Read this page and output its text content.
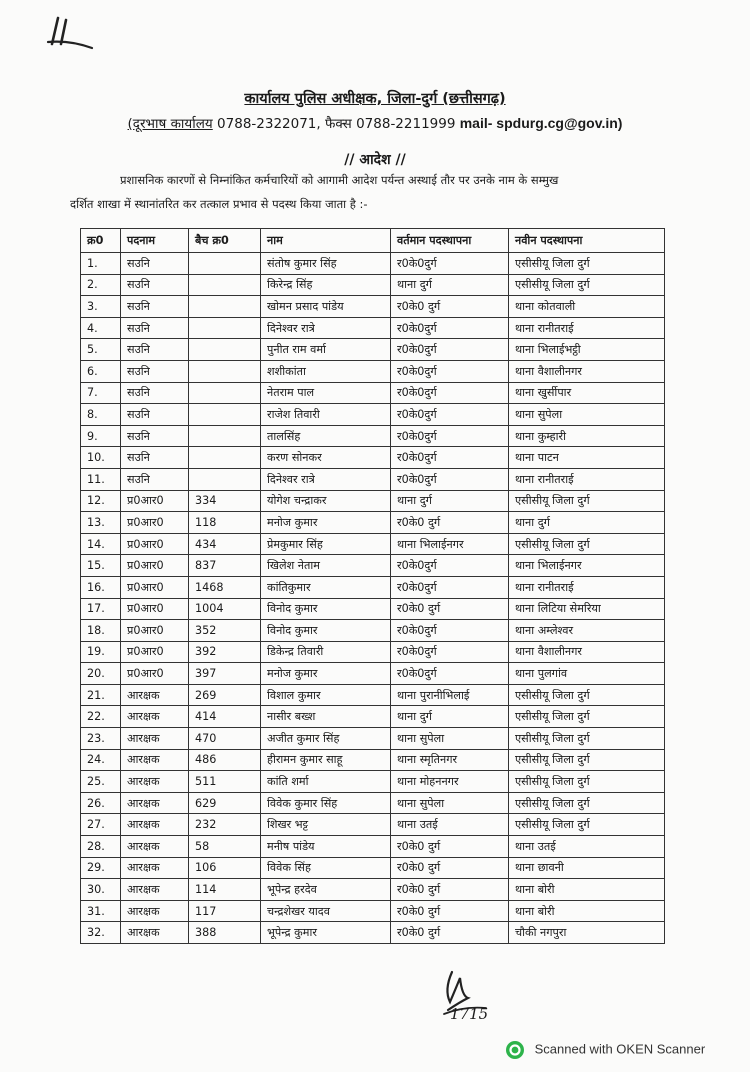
कार्यालय पुलिस अधीक्षक, जिला-दुर्ग (छत्तीसगढ़)
(दूरभाष कार्यालय 0788-2322071, फैक्स 0788-2211999 mail- spdurg.cg@gov.in)
// आदेश //
प्रशासनिक कारणों से निम्नांकित कर्मचारियों को आगामी आदेश पर्यन्त अस्थाई तौर पर उनके नाम के सम्मुख
दर्शित शाखा में स्थानांतरित कर तत्काल प्रभाव से पदस्थ किया जाता है :-
क्र0	पदनाम	बैच क्र0	नाम	वर्तमान पदस्थापना	नवीन पदस्थापना
1.	सउनि		संतोष कुमार सिंह	र0के0दुर्ग	एसीसीयू जिला दुर्ग
2.	सउनि		किरेन्द्र सिंह	थाना दुर्ग	एसीसीयू जिला दुर्ग
3.	सउनि		खोमन प्रसाद पांडेय	र0के0 दुर्ग	थाना कोतवाली
4.	सउनि		दिनेश्वर रात्रे	र0के0दुर्ग	थाना रानीतराई
5.	सउनि		पुनीत राम वर्मा	र0के0दुर्ग	थाना भिलाईभट्ठी
6.	सउनि		शशीकांता	र0के0दुर्ग	थाना वैशालीनगर
7.	सउनि		नेतराम पाल	र0के0दुर्ग	थाना खुर्सीपार
8.	सउनि		राजेश तिवारी	र0के0दुर्ग	थाना सुपेला
9.	सउनि		तालसिंह	र0के0दुर्ग	थाना कुम्हारी
10.	सउनि		करण सोनकर	र0के0दुर्ग	थाना पाटन
11.	सउनि		दिनेश्वर रात्रे	र0के0दुर्ग	थाना रानीतराई
12.	प्र0आर0	334	योगेश चन्द्राकर	थाना दुर्ग	एसीसीयू जिला दुर्ग
13.	प्र0आर0	118	मनोज कुमार	र0के0 दुर्ग	थाना दुर्ग
14.	प्र0आर0	434	प्रेमकुमार सिंह	थाना भिलाईनगर	एसीसीयू जिला दुर्ग
15.	प्र0आर0	837	खिलेश नेताम	र0के0दुर्ग	थाना भिलाईनगर
16.	प्र0आर0	1468	कांतिकुमार	र0के0दुर्ग	थाना रानीतराई
17.	प्र0आर0	1004	विनोद कुमार	र0के0 दुर्ग	थाना लिटिया सेमरिया
18.	प्र0आर0	352	विनोद कुमार	र0के0दुर्ग	थाना अम्लेश्वर
19.	प्र0आर0	392	डिकेन्द्र तिवारी	र0के0दुर्ग	थाना वैशालीनगर
20.	प्र0आर0	397	मनोज कुमार	र0के0दुर्ग	थाना पुलगांव
21.	आरक्षक	269	विशाल कुमार	थाना पुरानीभिलाई	एसीसीयू जिला दुर्ग
22.	आरक्षक	414	नासीर बख्श	थाना दुर्ग	एसीसीयू जिला दुर्ग
23.	आरक्षक	470	अजीत कुमार सिंह	थाना सुपेला	एसीसीयू जिला दुर्ग
24.	आरक्षक	486	हीरामन कुमार साहू	थाना स्मृतिनगर	एसीसीयू जिला दुर्ग
25.	आरक्षक	511	कांति शर्मा	थाना मोहननगर	एसीसीयू जिला दुर्ग
26.	आरक्षक	629	विवेक कुमार सिंह	थाना सुपेला	एसीसीयू जिला दुर्ग
27.	आरक्षक	232	शिखर भट्ट	थाना उतई	एसीसीयू जिला दुर्ग
28.	आरक्षक	58	मनीष पांडेय	र0के0 दुर्ग	थाना उतई
29.	आरक्षक	106	विवेक सिंह	र0के0 दुर्ग	थाना छावनी
30.	आरक्षक	114	भूपेन्द्र हरदेव	र0के0 दुर्ग	थाना बोरी
31.	आरक्षक	117	चन्द्रशेखर यादव	र0के0 दुर्ग	थाना बोरी
32.	आरक्षक	388	भूपेन्द्र कुमार	र0के0 दुर्ग	चौकी नगपुरा
1715
Scanned with OKEN Scanner
